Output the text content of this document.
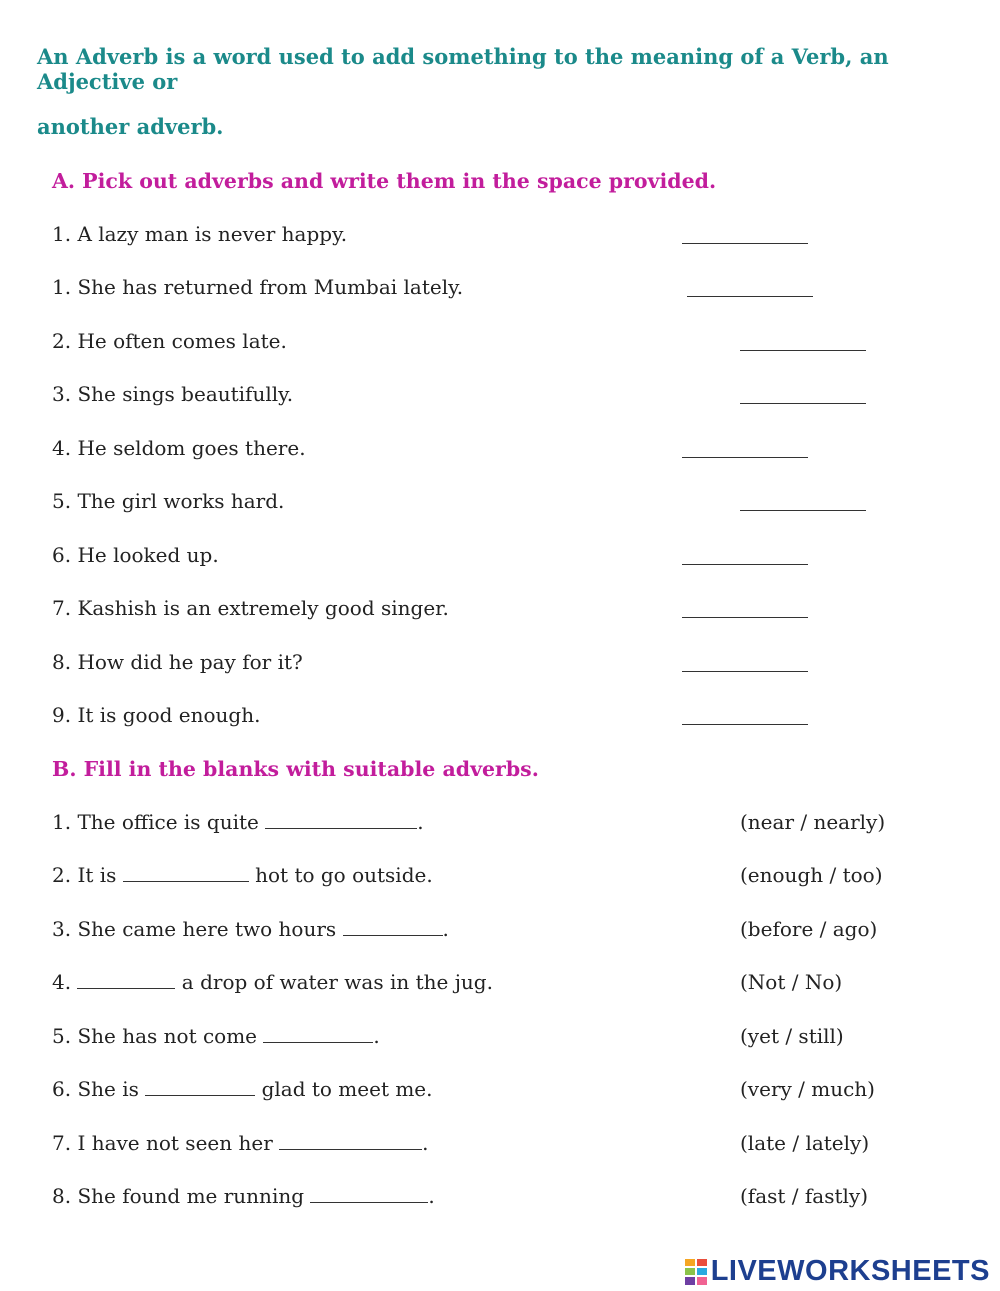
An Adverb is a word used to add something to the meaning of a Verb, an Adjective or
another adverb.
A. Pick out adverbs and write them in the space provided.
1. A lazy man is never happy.
1. She has returned from Mumbai lately.
2. He often comes late.
3. She sings beautifully.
4. He seldom goes there.
5. The girl works hard.
6. He looked up.
7. Kashish is an extremely good singer.
8. How did he pay for it?
9. It is good enough.
B. Fill in the blanks with suitable adverbs.
1. The office is quite	.	(near / nearly)
2. It is	hot to go outside.	(enough / too)
3. She came here two hours	.	(before / ago)
4.	a drop of water was in the jug.	(Not / No)
5. She has not come	.	(yet / still)
6. She is	glad to meet me.	(very / much)
7. I have not seen her	.	(late / lately)
8. She found me running	.	(fast / fastly)
LIVEWORKSHEETS
